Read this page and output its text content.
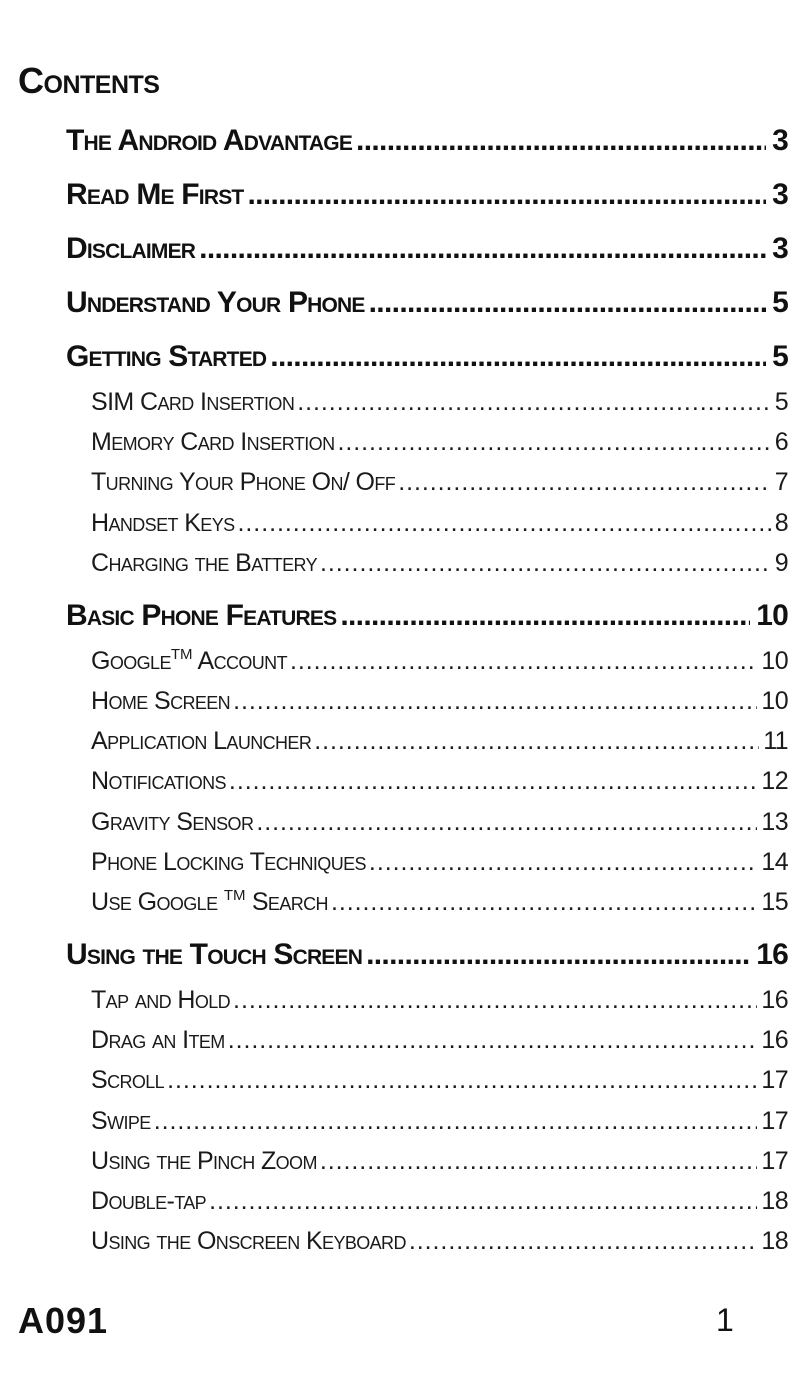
Contents
The Android Advantage . . .	3
Read Me First . . .	3
Disclaimer . . .	3
Understand Your Phone . . .	5
Getting Started . . .	5
SIM Card Insertion . . .	5
Memory Card Insertion . . .	6
Turning Your Phone On/ Off . . .	7
Handset Keys . . .	8
Charging the Battery . . .	9
Basic Phone Features . . .	10
Google™ Account . . .	10
Home Screen . . .	10
Application Launcher . . .	11
Notifications . . .	12
Gravity Sensor . . .	13
Phone Locking Techniques . . .	14
Use Google ™ Search . . .	15
Using the Touch Screen . . .	16
Tap and Hold . . .	16
Drag an Item . . .	16
Scroll . . .	17
Swipe . . .	17
Using the Pinch Zoom . . .	17
Double-tap . . .	18
Using the Onscreen Keyboard . . .	18
A091	1
